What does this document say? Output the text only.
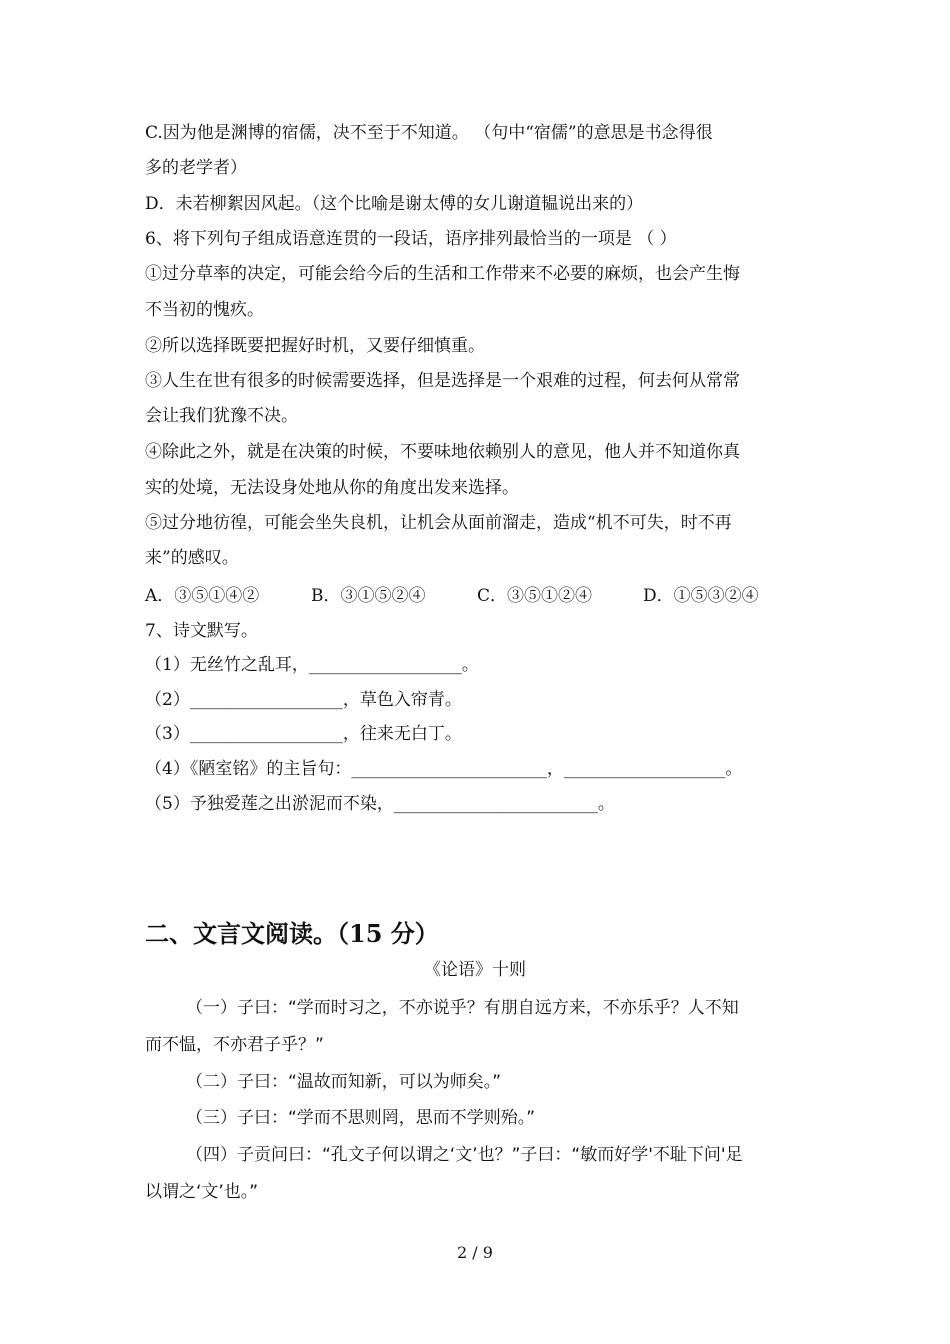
C.因为他是渊博的宿儒，决不至于不知道。 （句中“宿儒”的意思是书念得很
多的老学者）
D．未若柳絮因风起。（这个比喻是谢太傅的女儿谢道韫说出来的）
6、将下列句子组成语意连贯的一段话，语序排列最恰当的一项是 （ ）
①过分草率的决定，可能会给今后的生活和工作带来不必要的麻烦，也会产生悔
不当初的愧疚。
②所以选择既要把握好时机，又要仔细慎重。
③人生在世有很多的时候需要选择，但是选择是一个艰难的过程，何去何从常常
会让我们犹豫不决。
④除此之外，就是在决策的时候，不要味地依赖别人的意见，他人并不知道你真
实的处境，无法设身处地从你的角度出发来选择。
⑤过分地彷徨，可能会坐失良机，让机会从面前溜走，造成“机不可失，时不再
来”的感叹。
A．③⑤①④②	B．③①⑤②④	C．③⑤①②④	D．①⑤③②④
7、诗文默写。
（1）无丝竹之乱耳，__________________。
（2）__________________，草色入帘青。
（3）__________________，往来无白丁。
（4）《陋室铭》的主旨句：_______________________，___________________。
（5）予独爱莲之出淤泥而不染，________________________。
二、文言文阅读。（15 分）
《论语》十则
（一）子曰：“学而时习之，不亦说乎？有朋自远方来，不亦乐乎？人不知
而不愠，不亦君子乎？”
（二）子曰：“温故而知新，可以为师矣。”
（三）子曰：“学而不思则罔，思而不学则殆。”
（四）子贡问曰：“孔文子何以谓之‘文’也？”子曰：“敏而好学'不耻下问'足
以谓之‘文’也。”
2 / 9
